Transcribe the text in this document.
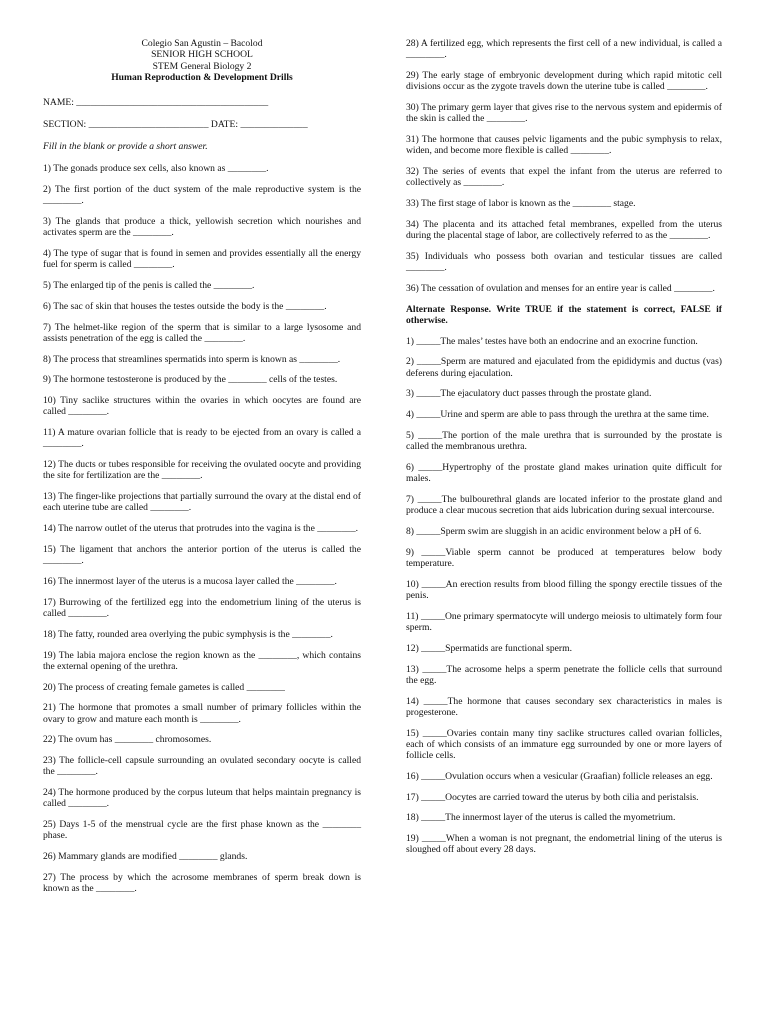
Colegio San Agustin – Bacolod
SENIOR HIGH SCHOOL
STEM General Biology 2
Human Reproduction & Development Drills
NAME: ________________________________________
SECTION: _________________________ DATE: ______________
Fill in the blank or provide a short answer.
1) The gonads produce sex cells, also known as ________.
2) The first portion of the duct system of the male reproductive system is the ________.
3) The glands that produce a thick, yellowish secretion which nourishes and activates sperm are the ________.
4) The type of sugar that is found in semen and provides essentially all the energy fuel for sperm is called ________.
5) The enlarged tip of the penis is called the ________.
6) The sac of skin that houses the testes outside the body is the ________.
7) The helmet-like region of the sperm that is similar to a large lysosome and assists penetration of the egg is called the ________.
8) The process that streamlines spermatids into sperm is known as ________.
9) The hormone testosterone is produced by the ________ cells of the testes.
10) Tiny saclike structures within the ovaries in which oocytes are found are called ________.
11) A mature ovarian follicle that is ready to be ejected from an ovary is called a ________.
12) The ducts or tubes responsible for receiving the ovulated oocyte and providing the site for fertilization are the ________.
13) The finger-like projections that partially surround the ovary at the distal end of each uterine tube are called ________.
14) The narrow outlet of the uterus that protrudes into the vagina is the ________.
15) The ligament that anchors the anterior portion of the uterus is called the ________.
16) The innermost layer of the uterus is a mucosa layer called the ________.
17) Burrowing of the fertilized egg into the endometrium lining of the uterus is called ________.
18) The fatty, rounded area overlying the pubic symphysis is the ________.
19) The labia majora enclose the region known as the ________, which contains the external opening of the urethra.
20) The process of creating female gametes is called ________
21) The hormone that promotes a small number of primary follicles within the ovary to grow and mature each month is ________.
22) The ovum has ________ chromosomes.
23) The follicle-cell capsule surrounding an ovulated secondary oocyte is called the ________.
24) The hormone produced by the corpus luteum that helps maintain pregnancy is called ________.
25) Days 1-5 of the menstrual cycle are the first phase known as the ________ phase.
26) Mammary glands are modified ________ glands.
27) The process by which the acrosome membranes of sperm break down is known as the ________.
28) A fertilized egg, which represents the first cell of a new individual, is called a ________.
29) The early stage of embryonic development during which rapid mitotic cell divisions occur as the zygote travels down the uterine tube is called ________.
30) The primary germ layer that gives rise to the nervous system and epidermis of the skin is called the ________.
31) The hormone that causes pelvic ligaments and the pubic symphysis to relax, widen, and become more flexible is called ________.
32) The series of events that expel the infant from the uterus are referred to collectively as ________.
33) The first stage of labor is known as the ________ stage.
34) The placenta and its attached fetal membranes, expelled from the uterus during the placental stage of labor, are collectively referred to as the ________.
35) Individuals who possess both ovarian and testicular tissues are called ________.
36) The cessation of ovulation and menses for an entire year is called ________.
Alternate Response. Write TRUE if the statement is correct, FALSE if otherwise.
1) _____The males’ testes have both an endocrine and an exocrine function.
2) _____Sperm are matured and ejaculated from the epididymis and ductus (vas) deferens during ejaculation.
3) _____The ejaculatory duct passes through the prostate gland.
4) _____Urine and sperm are able to pass through the urethra at the same time.
5) _____The portion of the male urethra that is surrounded by the prostate is called the membranous urethra.
6) _____Hypertrophy of the prostate gland makes urination quite difficult for males.
7) _____The bulbourethral glands are located inferior to the prostate gland and produce a clear mucous secretion that aids lubrication during sexual intercourse.
8) _____Sperm swim are sluggish in an acidic environment below a pH of 6.
9) _____Viable sperm cannot be produced at temperatures below body temperature.
10) _____An erection results from blood filling the spongy erectile tissues of the penis.
11) _____One primary spermatocyte will undergo meiosis to ultimately form four sperm.
12) _____Spermatids are functional sperm.
13) _____The acrosome helps a sperm penetrate the follicle cells that surround the egg.
14) _____The hormone that causes secondary sex characteristics in males is progesterone.
15) _____Ovaries contain many tiny saclike structures called ovarian follicles, each of which consists of an immature egg surrounded by one or more layers of follicle cells.
16) _____Ovulation occurs when a vesicular (Graafian) follicle releases an egg.
17) _____Oocytes are carried toward the uterus by both cilia and peristalsis.
18) _____The innermost layer of the uterus is called the myometrium.
19) _____When a woman is not pregnant, the endometrial lining of the uterus is sloughed off about every 28 days.
